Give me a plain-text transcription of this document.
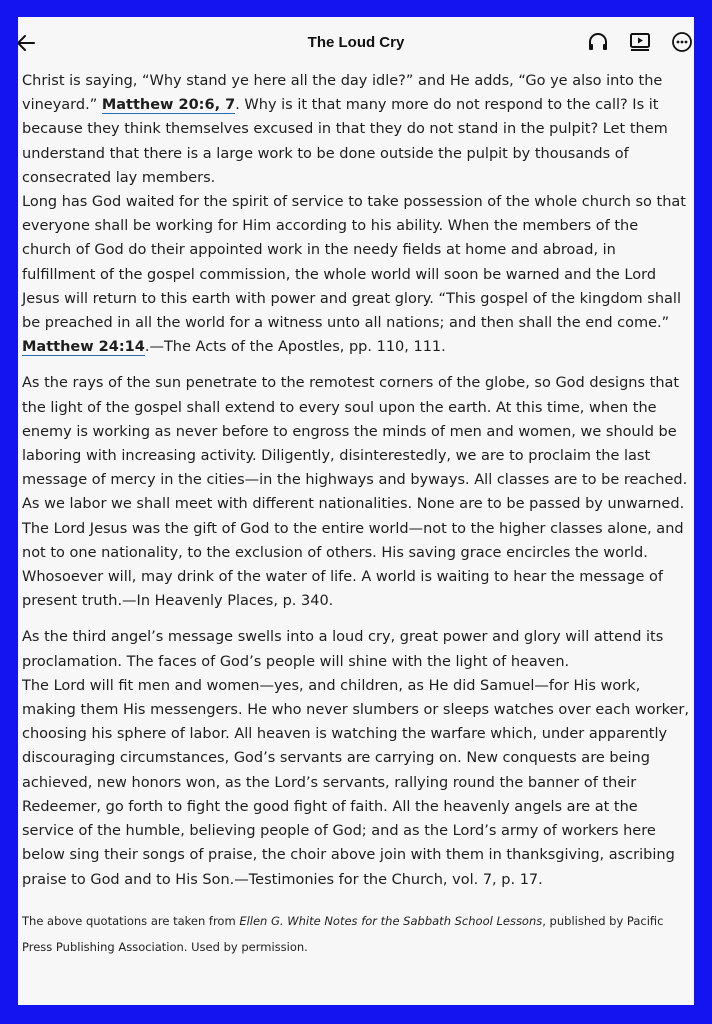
The Loud Cry

Christ is saying, “Why stand ye here all the day idle?” and He adds, “Go ye also into the vineyard.” Matthew 20:6, 7. Why is it that many more do not respond to the call? Is it because they think themselves excused in that they do not stand in the pulpit? Let them understand that there is a large work to be done outside the pulpit by thousands of consecrated lay members.

Long has God waited for the spirit of service to take possession of the whole church so that everyone shall be working for Him according to his ability. When the members of the church of God do their appointed work in the needy fields at home and abroad, in fulfillment of the gospel commission, the whole world will soon be warned and the Lord Jesus will return to this earth with power and great glory. “This gospel of the kingdom shall be preached in all the world for a witness unto all nations; and then shall the end come.” Matthew 24:14.—The Acts of the Apostles, pp. 110, 111.

As the rays of the sun penetrate to the remotest corners of the globe, so God designs that the light of the gospel shall extend to every soul upon the earth. At this time, when the enemy is working as never before to engross the minds of men and women, we should be laboring with increasing activity. Diligently, disinterestedly, we are to proclaim the last message of mercy in the cities—in the highways and byways. All classes are to be reached. As we labor we shall meet with different nationalities. None are to be passed by unwarned. The Lord Jesus was the gift of God to the entire world—not to the higher classes alone, and not to one nationality, to the exclusion of others. His saving grace encircles the world. Whosoever will, may drink of the water of life. A world is waiting to hear the message of present truth.—In Heavenly Places, p. 340.

As the third angel’s message swells into a loud cry, great power and glory will attend its proclamation. The faces of God’s people will shine with the light of heaven.

The Lord will fit men and women—yes, and children, as He did Samuel—for His work, making them His messengers. He who never slumbers or sleeps watches over each worker, choosing his sphere of labor. All heaven is watching the warfare which, under apparently discouraging circumstances, God’s servants are carrying on. New conquests are being achieved, new honors won, as the Lord’s servants, rallying round the banner of their Redeemer, go forth to fight the good fight of faith. All the heavenly angels are at the service of the humble, believing people of God; and as the Lord’s army of workers here below sing their songs of praise, the choir above join with them in thanksgiving, ascribing praise to God and to His Son.—Testimonies for the Church, vol. 7, p. 17.

The above quotations are taken from Ellen G. White Notes for the Sabbath School Lessons, published by Pacific Press Publishing Association. Used by permission.
